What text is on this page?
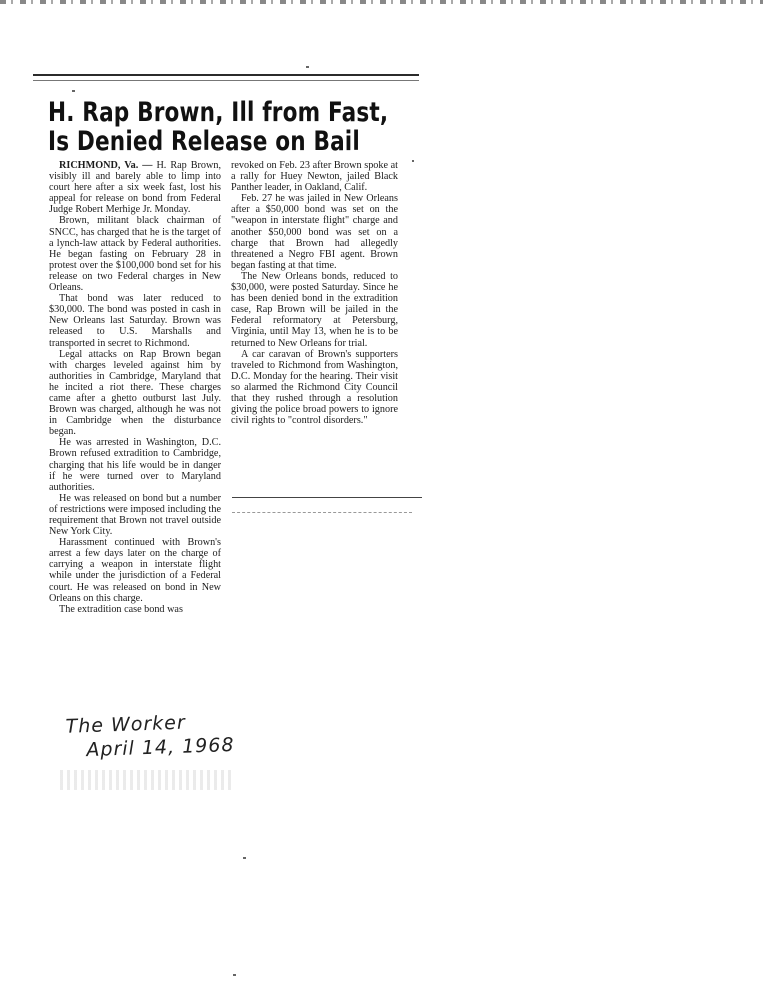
H. Rap Brown, Ill from Fast,
Is Denied Release on Bail

RICHMOND, Va. — H. Rap Brown, visibly ill and barely able to limp into court here after a six week fast, lost his appeal for release on bond from Federal Judge Robert Merhige Jr. Monday.

Brown, militant black chairman of SNCC, has charged that he is the target of a lynch-law attack by Federal authorities. He began fasting on February 28 in protest over the $100,000 bond set for his release on two Federal charges in New Orleans.

That bond was later reduced to $30,000. The bond was posted in cash in New Orleans last Saturday. Brown was released to U.S. Marshalls and transported in secret to Richmond.

Legal attacks on Rap Brown began with charges leveled against him by authorities in Cambridge, Maryland that he incited a riot there. These charges came after a ghetto outburst last July. Brown was charged, although he was not in Cambridge when the disturbance began.

He was arrested in Washington, D.C. Brown refused extradition to Cambridge, charging that his life would be in danger if he were turned over to Maryland authorities.

He was released on bond but a number of restrictions were imposed including the requirement that Brown not travel outside New York City.

Harassment continued with Brown's arrest a few days later on the charge of carrying a weapon in interstate flight while under the jurisdiction of a Federal court. He was released on bond in New Orleans on this charge.

The extradition case bond was

revoked on Feb. 23 after Brown spoke at a rally for Huey Newton, jailed Black Panther leader, in Oakland, Calif.

Feb. 27 he was jailed in New Orleans after a $50,000 bond was set on the "weapon in interstate flight" charge and another $50,000 bond was set on a charge that Brown had allegedly threatened a Negro FBI agent. Brown began fasting at that time.

The New Orleans bonds, reduced to $30,000, were posted Saturday. Since he has been denied bond in the extradition case, Rap Brown will be jailed in the Federal reformatory at Petersburg, Virginia, until May 13, when he is to be returned to New Orleans for trial.

A car caravan of Brown's supporters traveled to Richmond from Washington, D.C. Monday for the hearing. Their visit so alarmed the Richmond City Council that they rushed through a resolution giving the police broad powers to ignore civil rights to "control disorders."

The Worker
April 14, 1968
